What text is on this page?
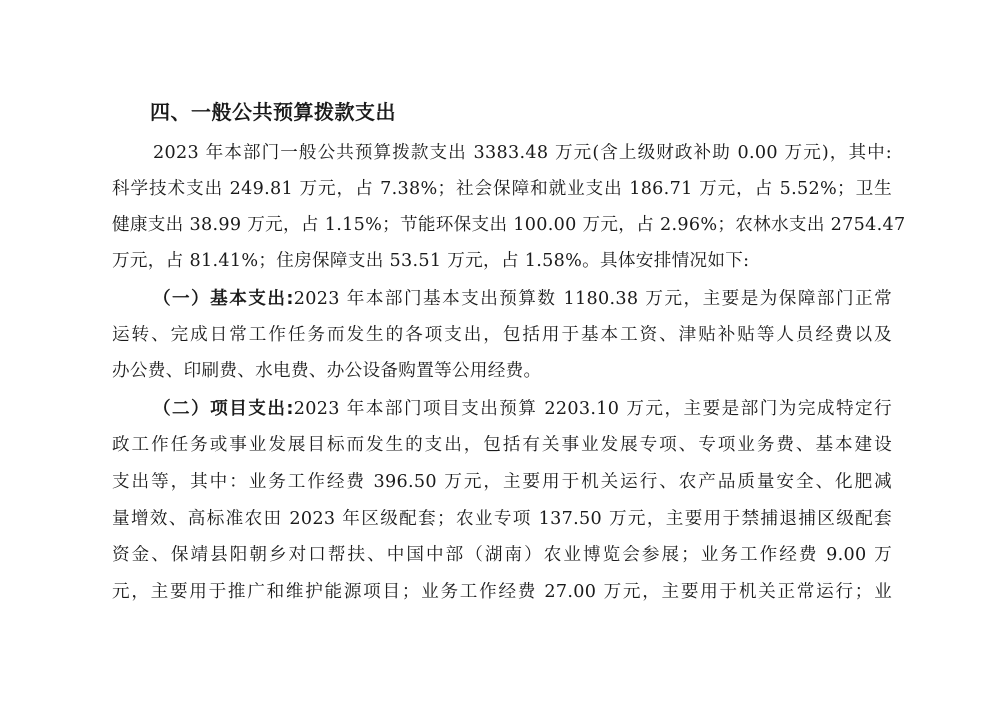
四、一般公共预算拨款支出
2023 年本部门一般公共预算拨款支出 3383.48 万元(含上级财政补助 0.00 万元)，其中:
科学技术支出 249.81 万元，占 7.38%；社会保障和就业支出 186.71 万元，占 5.52%；卫生
健康支出 38.99 万元，占 1.15%；节能环保支出 100.00 万元，占 2.96%；农林水支出 2754.47
万元，占 81.41%；住房保障支出 53.51 万元，占 1.58%。具体安排情况如下:
（一）基本支出:2023 年本部门基本支出预算数 1180.38 万元，主要是为保障部门正常
运转、完成日常工作任务而发生的各项支出，包括用于基本工资、津贴补贴等人员经费以及
办公费、印刷费、水电费、办公设备购置等公用经费。
（二）项目支出:2023 年本部门项目支出预算 2203.10 万元，主要是部门为完成特定行
政工作任务或事业发展目标而发生的支出，包括有关事业发展专项、专项业务费、基本建设
支出等，其中：业务工作经费 396.50 万元，主要用于机关运行、农产品质量安全、化肥减
量增效、高标准农田 2023 年区级配套；农业专项 137.50 万元，主要用于禁捕退捕区级配套
资金、保靖县阳朝乡对口帮扶、中国中部（湖南）农业博览会参展；业务工作经费 9.00 万
元，主要用于推广和维护能源项目；业务工作经费 27.00 万元，主要用于机关正常运行；业
